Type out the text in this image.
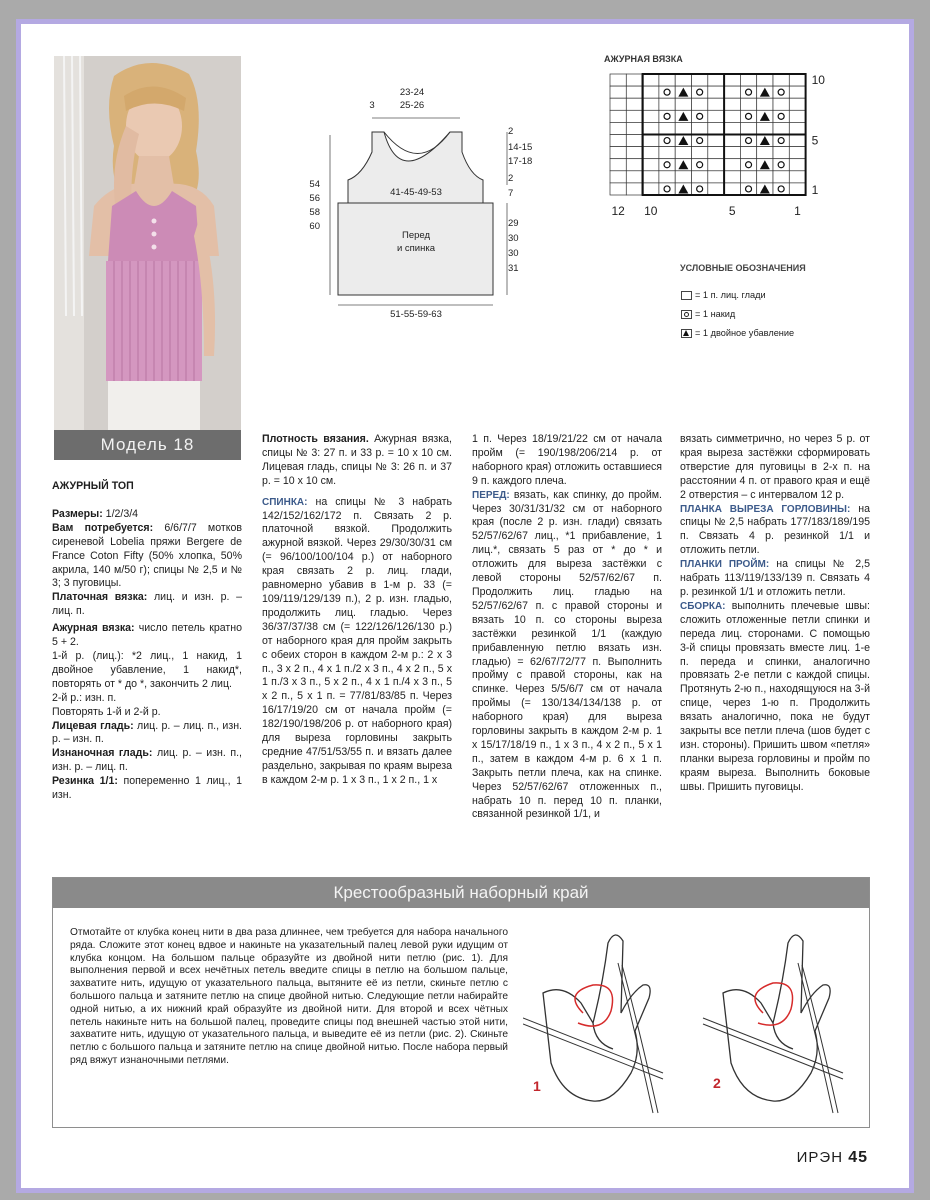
Модель 18

АЖУРНЫЙ ТОП

Размеры: 1/2/3/4

Вам потребуется: 6/6/7/7 мотков сиреневой Lobelia пряжи Bergere de France Coton Fifty (50% хлопка, 50% акрила, 140 м/50 г); спицы № 2,5 и № 3; 3 пуговицы.

Платочная вязка: лиц. и изн. р. – лиц. п.

Ажурная вязка: число петель кратно 5 + 2.

1-й р. (лиц.): *2 лиц., 1 накид, 1 двойное убавление, 1 накид*, повторять от * до *, закончить 2 лиц.

2-й р.: изн. п.

Повторять 1-й и 2-й р.

Лицевая гладь: лиц. р. – лиц. п., изн. р. – изн. п.

Изнаночная гладь: лиц. р. – изн. п., изн. р. – лиц. п.

Резинка 1/1: попеременно 1 лиц., 1 изн.

Плотность вязания. Ажурная вязка, спицы № 3: 27 п. и 33 р. = 10 x 10 см. Лицевая гладь, спицы № 3: 26 п. и 37 р. = 10 x 10 см.

СПИНКА: на спицы № 3 набрать 142/152/162/172 п. Связать 2 р. платочной вязкой. Продолжить ажурной вязкой. Через 29/30/30/31 см (= 96/100/100/104 р.) от наборного края связать 2 р. лиц. глади, равномерно убавив в 1-м р. 33 (= 109/119/129/139 п.), 2 р. изн. гладью, продолжить лиц. гладью. Через 36/37/37/38 см (= 122/126/126/130 р.) от наборного края для пройм закрыть с обеих сторон в каждом 2-м р.: 2 x 3 п., 3 x 2 п., 4 x 1 п./2 x 3 п., 4 x 2 п., 5 x 1 п./3 x 3 п., 5 x 2 п., 4 x 1 п./4 x 3 п., 5 x 2 п., 5 x 1 п. = 77/81/83/85 п. Через 16/17/19/20 см от начала пройм (= 182/190/198/206 р. от наборного края) для выреза горловины закрыть средние 47/51/53/55 п. и вязать далее раздельно, закрывая по краям выреза в каждом 2-м р. 1 x 3 п., 1 x 2 п., 1 x

1 п. Через 18/19/21/22 см от начала пройм (= 190/198/206/214 р. от наборного края) отложить оставшиеся 9 п. каждого плеча.

ПЕРЕД: вязать, как спинку, до пройм. Через 30/31/31/32 см от наборного края (после 2 р. изн. глади) связать 52/57/62/67 лиц., *1 прибавление, 1 лиц.*, связать 5 раз от * до * и отложить для выреза застёжки с левой стороны 52/57/62/67 п. Продолжить лиц. гладью на 52/57/62/67 п. с правой стороны и вязать 10 п. со стороны выреза застёжки резинкой 1/1 (каждую прибавленную петлю вязать изн. гладью) = 62/67/72/77 п. Выполнить пройму с правой стороны, как на спинке. Через 5/5/6/7 см от начала проймы (= 130/134/134/138 р. от наборного края) для выреза горловины закрыть в каждом 2-м р. 1 x 15/17/18/19 п., 1 x 3 п., 4 x 2 п., 5 x 1 п., затем в каждом 4-м р. 6 x 1 п. Закрыть петли плеча, как на спинке. Через 52/57/62/67 отложенных п., набрать 10 п. перед 10 п. планки, связанной резинкой 1/1, и

вязать симметрично, но через 5 р. от края выреза застёжки сформировать отверстие для пуговицы в 2-х п. на расстоянии 4 п. от правого края и ещё 2 отверстия – с интервалом 12 р.

ПЛАНКА ВЫРЕЗА ГОРЛОВИНЫ: на спицы № 2,5 набрать 177/183/189/195 п. Связать 4 р. резинкой 1/1 и отложить петли.

ПЛАНКИ ПРОЙМ: на спицы № 2,5 набрать 113/119/133/139 п. Связать 4 р. резинкой 1/1 и отложить петли.

СБОРКА: выполнить плечевые швы: сложить отложенные петли спинки и переда лиц. сторонами. С помощью 3-й спицы провязать вместе лиц. 1-е п. переда и спинки, аналогично провязать 2-е петли с каждой спицы. Протянуть 2-ю п., находящуюся на 3-й спице, через 1-ю п. Продолжить вязать аналогично, пока не будут закрыты все петли плеча (шов будет с изн. стороны). Пришить швом «петля» планки выреза горловины и пройм по краям выреза. Выполнить боковые швы. Пришить пуговицы.

23-24
25-26
3
2
14-15
17-18
2
7
29
30
30
31
54
56
58
60
41-45-49-53
Перед
и спинка
51-55-59-63
АЖУРНАЯ ВЯЗКА
10
5
1
12 10	5	1
УСЛОВНЫЕ ОБОЗНАЧЕНИЯ
= 1 п. лиц. глади
= 1 накид
= 1 двойное убавление
Крестообразный наборный край
Отмотайте от клубка конец нити в два раза длиннее, чем требуется для набора начального ряда. Сложите этот конец вдвое и накиньте на указательный палец левой руки идущим от клубка концом. На большом пальце образуйте из двойной нити петлю (рис. 1). Для выполнения первой и всех нечётных петель введите спицы в петлю на большом пальце, захватите нить, идущую от указательного пальца, вытяните её из петли, скиньте петлю с большого пальца и затяните петлю на спице двойной нитью. Следующие петли набирайте одной нитью, а их нижний край образуйте из двойной нити. Для второй и всех чётных петель накиньте нить на большой палец, проведите спицы под внешней частью этой нити, захватите нить, идущую от указательного пальца, и выведите её из петли (рис. 2). Скиньте петлю с большого пальца и затяните петлю на спице двойной нитью. После набора первый ряд вяжут изнаночными петлями.
1	2
ИРЭН 45
